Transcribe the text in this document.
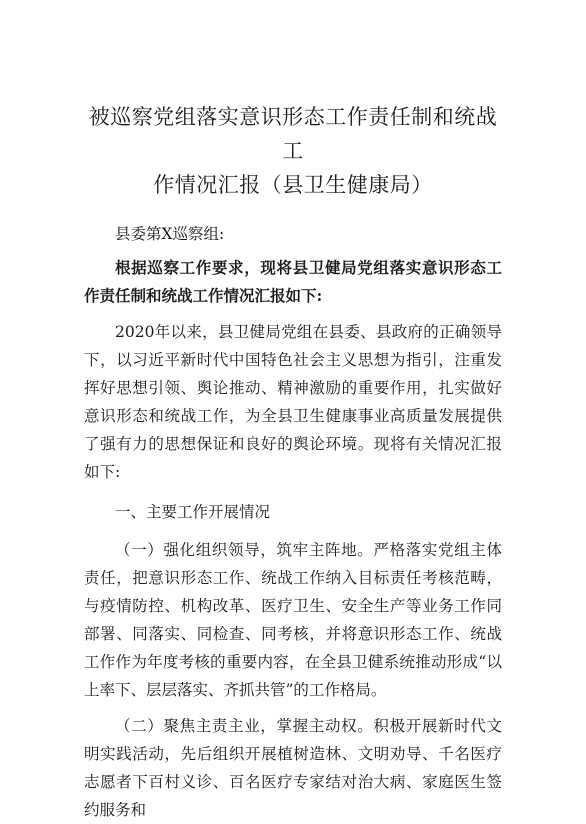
被巡察党组落实意识形态工作责任制和统战工
作情况汇报（县卫生健康局）

县委第Ⅹ巡察组:

根据巡察工作要求，现将县卫健局党组落实意识形态工作责任制和统战工作情况汇报如下:

2020年以来，县卫健局党组在县委、县政府的正确领导下，以习近平新时代中国特色社会主义思想为指引，注重发挥好思想引领、舆论推动、精神激励的重要作用，扎实做好意识形态和统战工作，为全县卫生健康事业高质量发展提供了强有力的思想保证和良好的舆论环境。现将有关情况汇报如下:

一、主要工作开展情况

（一）强化组织领导，筑牢主阵地。严格落实党组主体责任，把意识形态工作、统战工作纳入目标责任考核范畴，与疫情防控、机构改革、医疗卫生、安全生产等业务工作同部署、同落实、同检查、同考核，并将意识形态工作、统战工作作为年度考核的重要内容，在全县卫健系统推动形成“以上率下、层层落实、齐抓共管”的工作格局。

（二）聚焦主责主业，掌握主动权。积极开展新时代文明实践活动，先后组织开展植树造林、文明劝导、千名医疗志愿者下百村义诊、百名医疗专家结对治大病、家庭医生签约服务和
